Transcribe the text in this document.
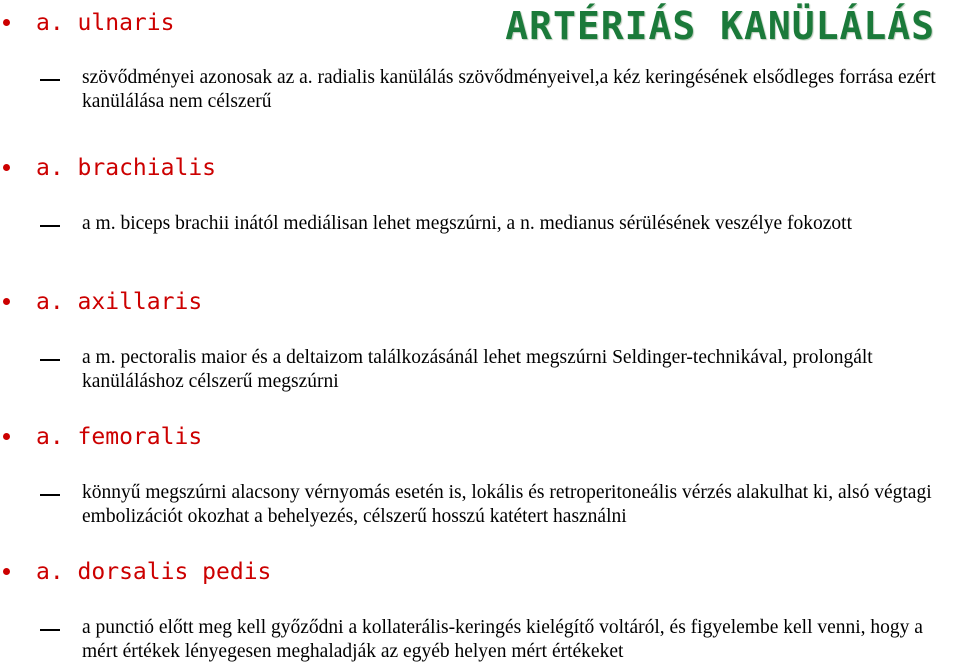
ARTÉRIÁS KANÜLÁLÁS
a. ulnaris
szövődményei azonosak az a. radialis kanülálás szövődményeivel,a kéz keringésének elsődleges forrása ezért kanülálása nem célszerű
a. brachialis
a m. biceps brachii inától mediálisan lehet megszúrni, a n. medianus sérülésének veszélye fokozott
a. axillaris
a m. pectoralis maior és a deltaizom találkozásánál lehet megszúrni Seldinger-technikával, prolongált kanüláláshoz célszerű megszúrni
a. femoralis
könnyű megszúrni alacsony vérnyomás esetén is, lokális és retroperitoneális vérzés alakulhat ki, alsó végtagi embolizációt okozhat a behelyezés, célszerű hosszú katétert használni
a. dorsalis pedis
a punctió előtt meg kell győződni a kollaterális-keringés kielégítő voltáról, és figyelembe kell venni, hogy a mért értékek lényegesen meghaladják az egyéb helyen mért értékeket
